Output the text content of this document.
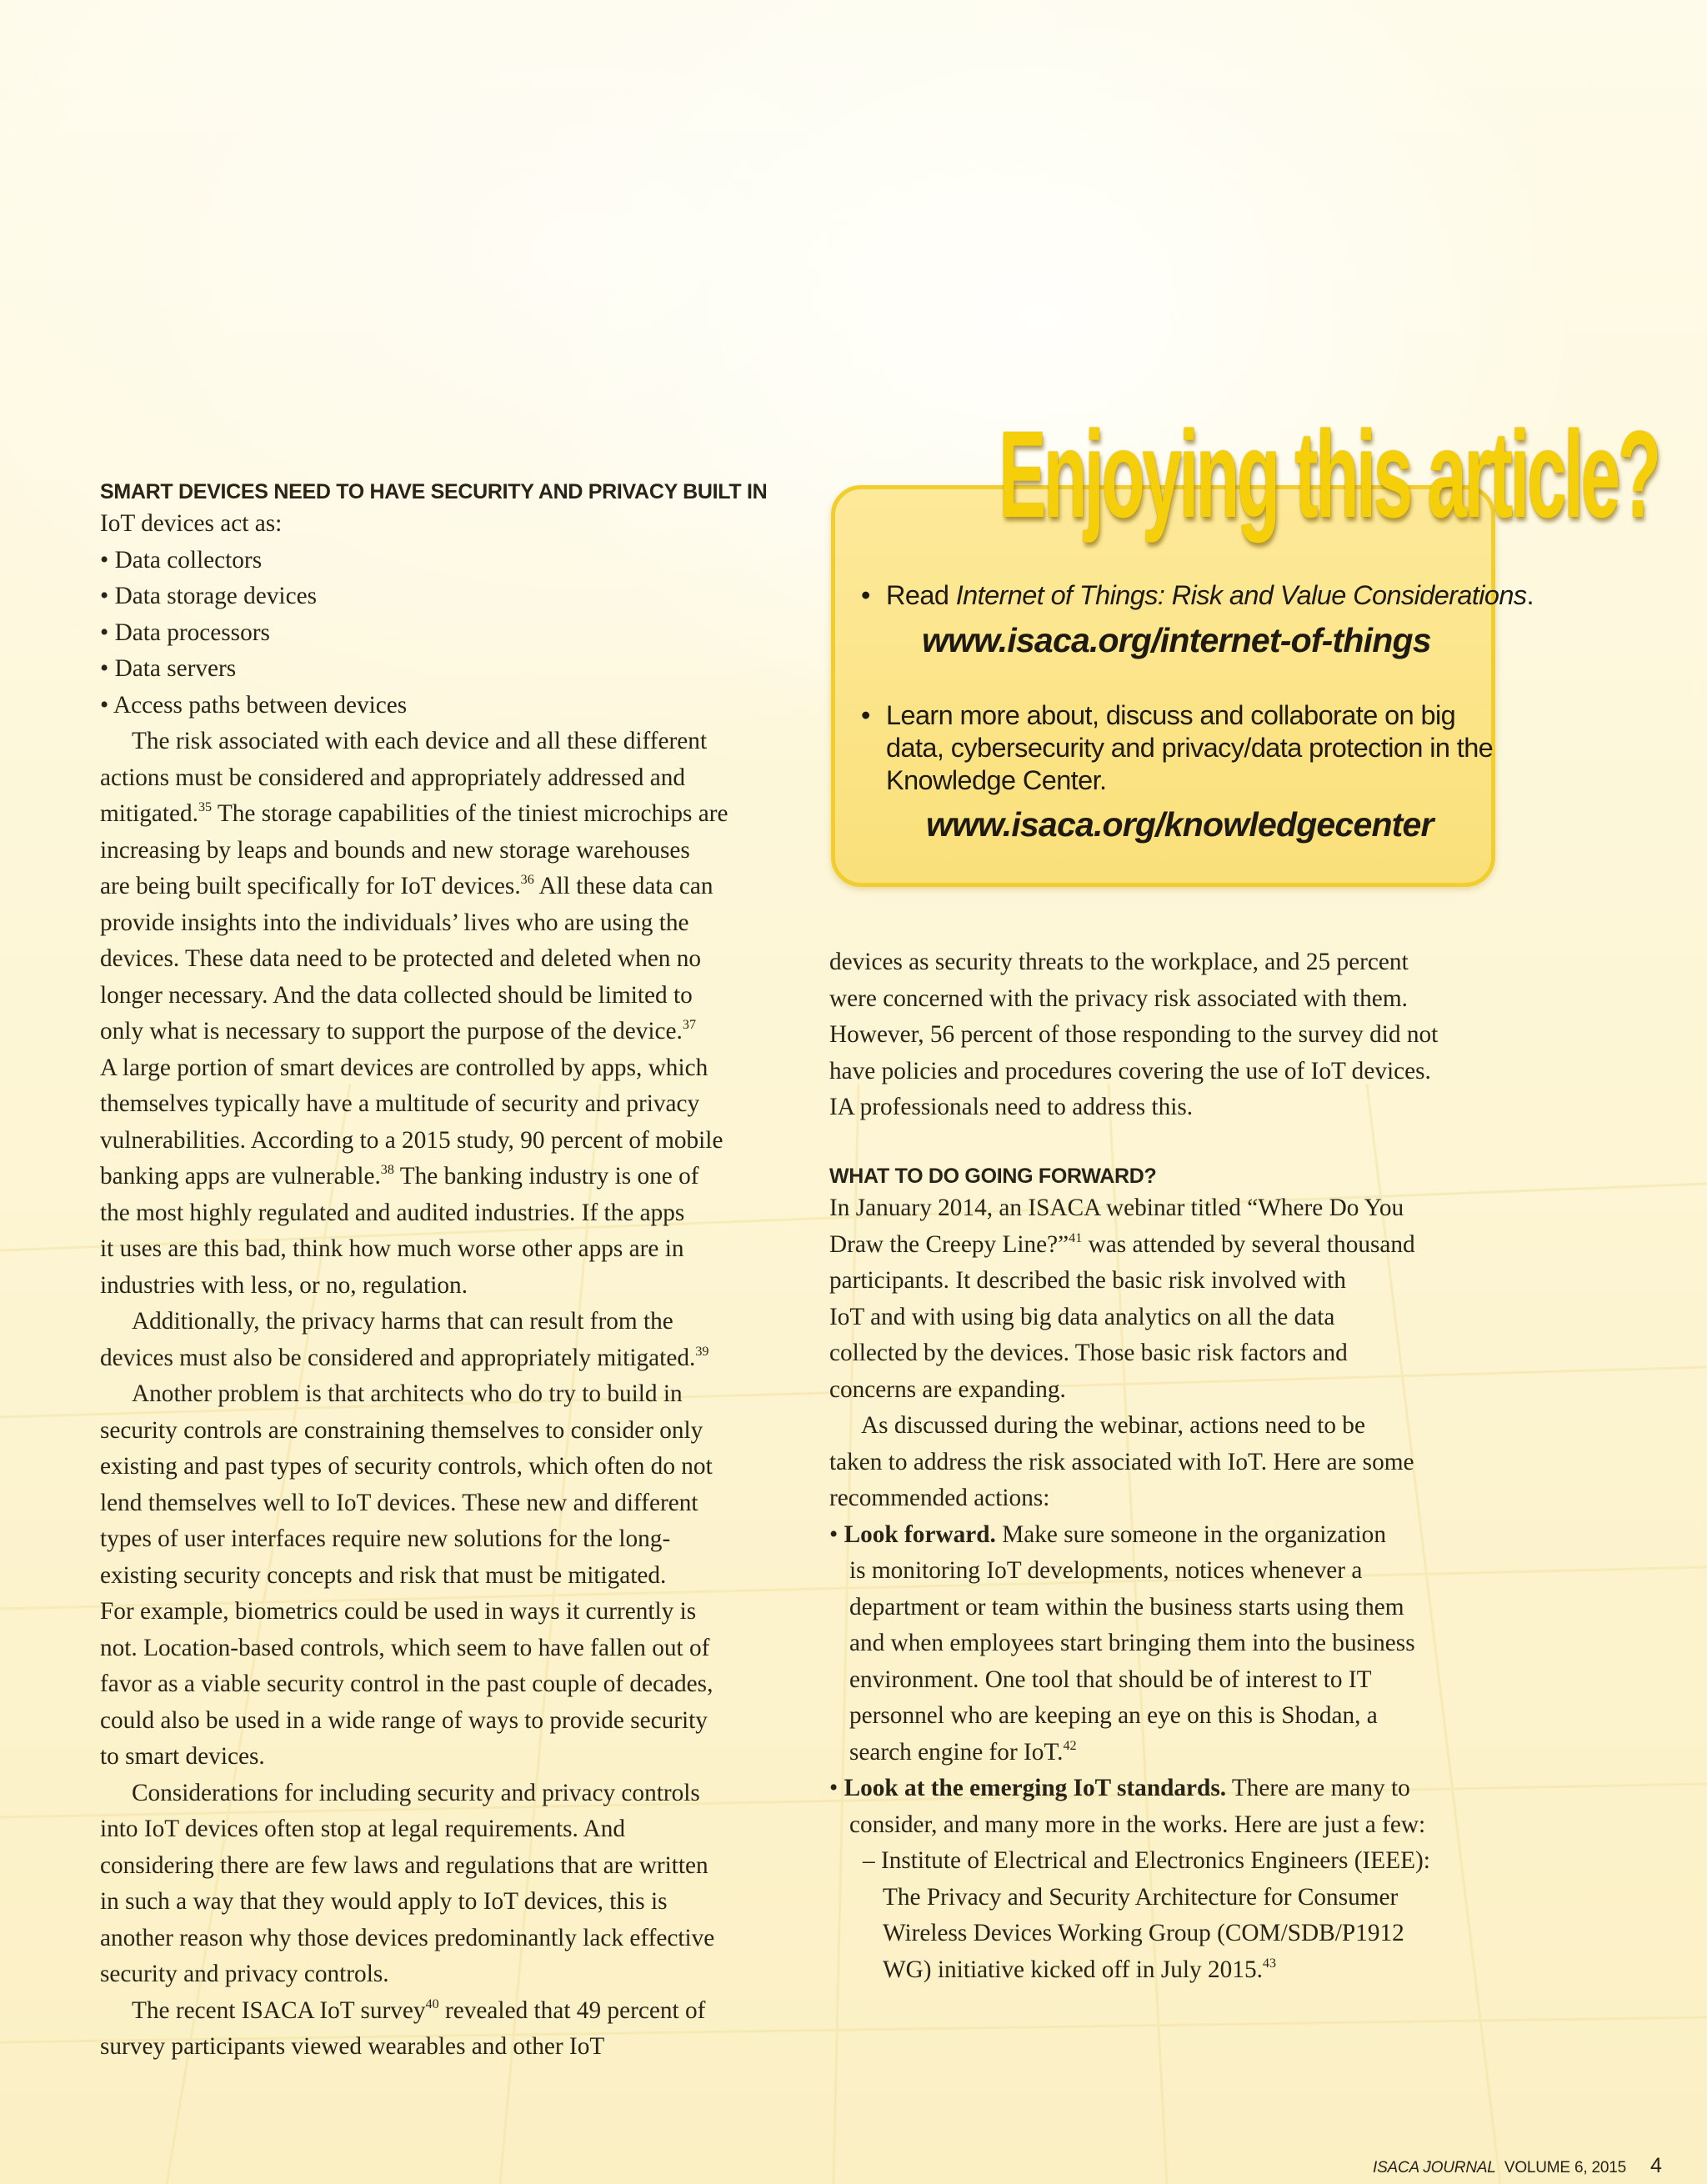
SMART DEVICES NEED TO HAVE SECURITY AND PRIVACY BUILT IN

IoT devices act as:

• Data collectors

• Data storage devices

• Data processors

• Data servers

• Access paths between devices

The risk associated with each device and all these different

actions must be considered and appropriately addressed and

mitigated.$^{35}$ The storage capabilities of the tiniest microchips are

increasing by leaps and bounds and new storage warehouses

are being built specifically for IoT devices.$^{36}$ All these data can

provide insights into the individuals’ lives who are using the

devices. These data need to be protected and deleted when no

longer necessary. And the data collected should be limited to

only what is necessary to support the purpose of the device.$^{37}$

A large portion of smart devices are controlled by apps, which

themselves typically have a multitude of security and privacy

vulnerabilities. According to a 2015 study, 90 percent of mobile

banking apps are vulnerable.$^{38}$ The banking industry is one of

the most highly regulated and audited industries. If the apps

it uses are this bad, think how much worse other apps are in

industries with less, or no, regulation.

Additionally, the privacy harms that can result from the

devices must also be considered and appropriately mitigated.$^{39}$

Another problem is that architects who do try to build in

security controls are constraining themselves to consider only

existing and past types of security controls, which often do not

lend themselves well to IoT devices. These new and different

types of user interfaces require new solutions for the long-

existing security concepts and risk that must be mitigated.

For example, biometrics could be used in ways it currently is

not. Location-based controls, which seem to have fallen out of

favor as a viable security control in the past couple of decades,

could also be used in a wide range of ways to provide security

to smart devices.

Considerations for including security and privacy controls

into IoT devices often stop at legal requirements. And

considering there are few laws and regulations that are written

in such a way that they would apply to IoT devices, this is

another reason why those devices predominantly lack effective

security and privacy controls.

The recent ISACA IoT survey$^{40}$ revealed that 49 percent of

survey participants viewed wearables and other IoT

Enjoying this article?
• Read Internet of Things: Risk and Value Considerations.
www.isaca.org/internet-of-things
• Learn more about, discuss and collaborate on big
data, cybersecurity and privacy/data protection in the
Knowledge Center.
www.isaca.org/knowledgecenter

devices as security threats to the workplace, and 25 percent

were concerned with the privacy risk associated with them.

However, 56 percent of those responding to the survey did not

have policies and procedures covering the use of IoT devices.

IA professionals need to address this.

WHAT TO DO GOING FORWARD?

In January 2014, an ISACA webinar titled “Where Do You

Draw the Creepy Line?”$^{41}$ was attended by several thousand

participants. It described the basic risk involved with

IoT and with using big data analytics on all the data

collected by the devices. Those basic risk factors and

concerns are expanding.

As discussed during the webinar, actions need to be

taken to address the risk associated with IoT. Here are some

recommended actions:

• Look forward. Make sure someone in the organization

is monitoring IoT developments, notices whenever a

department or team within the business starts using them

and when employees start bringing them into the business

environment. One tool that should be of interest to IT

personnel who are keeping an eye on this is Shodan, a

search engine for IoT.$^{42}$

• Look at the emerging IoT standards. There are many to

consider, and many more in the works. Here are just a few:

– Institute of Electrical and Electronics Engineers (IEEE):

The Privacy and Security Architecture for Consumer

Wireless Devices Working Group (COM/SDB/P1912

WG) initiative kicked off in July 2015.43

ISACA JOURNAL VOLUME 6, 2015 4
